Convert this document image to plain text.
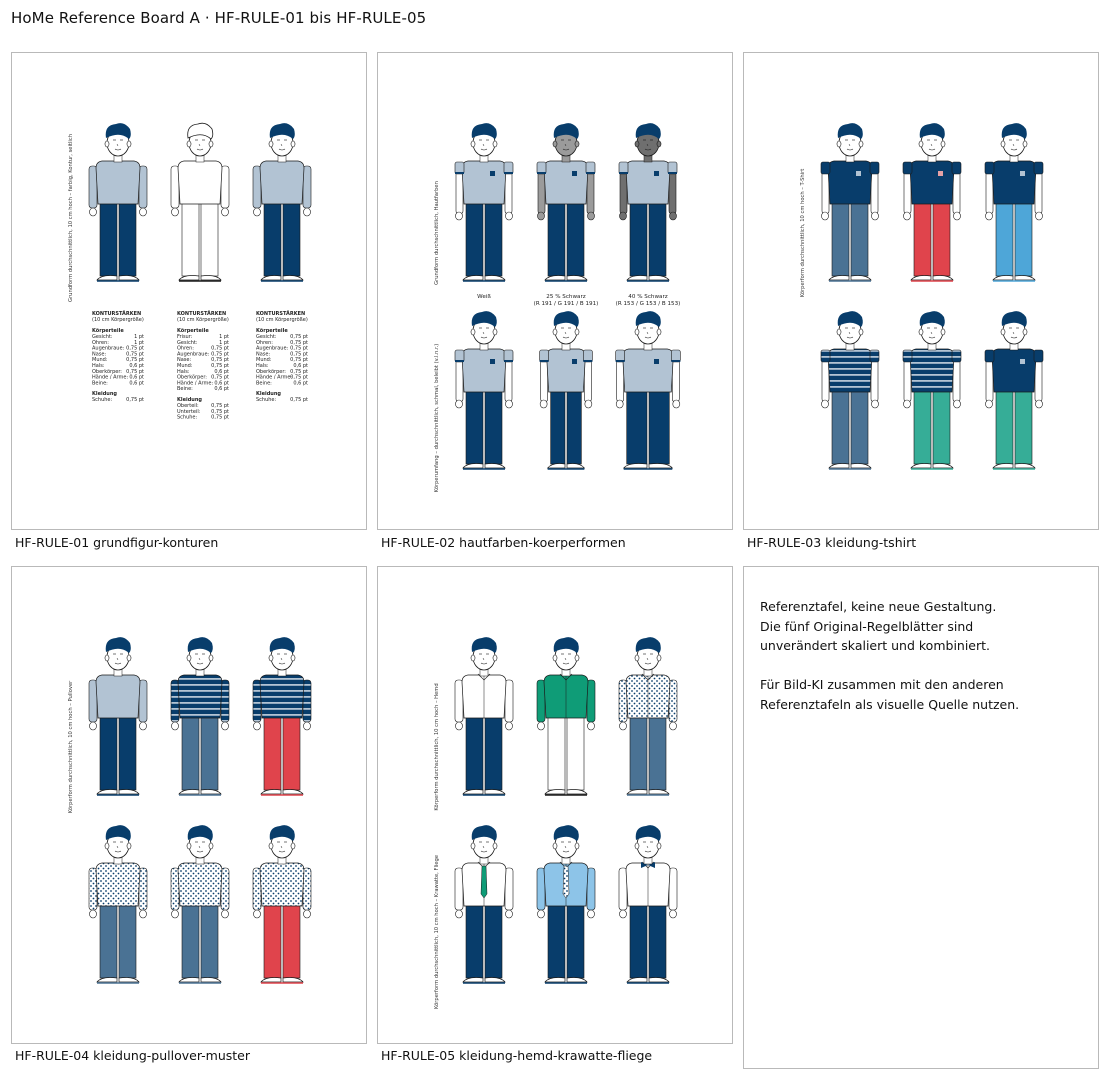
HoMe Reference Board A · HF-RULE-01 bis HF-RULE-05
Grundform durchschnittlich, 10 cm hoch – farbig, Kontur, seitlich
KONTURSTÄRKEN
(10 cm Körpergröße)
Körperteile
Gesicht:	1 pt
Ohren:	1 pt
Augenbraue: 0,75 pt
Nase:	0,75 pt
Mund:	0,75 pt
Hals:	0,6 pt
Oberkörper: 0,75 pt
Hände / Arme: 0,6 pt
Beine:	0,6 pt
Kleidung
Schuhe:	0,75 pt
KONTURSTÄRKEN
(10 cm Körpergröße)
Körperteile
Frisur:	1 pt
Gesicht:	1 pt
Ohren:	0,75 pt
Augenbraue: 0,75 pt
Nase:	0,75 pt
Mund:	0,75 pt
Hals:	0,6 pt
Oberkörper: 0,75 pt
Hände / Arme: 0,6 pt
Beine:	0,6 pt
Kleidung
Oberteil: 0,75 pt
Unterteil: 0,75 pt
Schuhe:	0,75 pt
KONTURSTÄRKEN
(10 cm Körpergröße)
Körperteile
Gesicht:	0,75 pt
Ohren:	0,75 pt
Augenbraue: 0,75 pt
Nase:	0,75 pt
Mund:	0,75 pt
Hals:	0,6 pt
Oberkörper: 0,75 pt
Hände / Arme:
0,75 pt
Beine:	0,6 pt
Kleidung
Schuhe:	0,75 pt
HF-RULE-01 grundfigur-konturen
Grundform durchschnittlich, Hautfarben
Körperumfang – durchschnittlich, schmal, beleibt (v.l.n.r.)
Weiß	25 % Schwarz
(R 191 / G 191 / B 191)
40 % Schwarz
(R 153 / G 153 / B 153)
HF-RULE-02 hautfarben-koerperformen
Körperform durchschnittlich, 10 cm hoch – T-Shirt
HF-RULE-03 kleidung-tshirt
Körperform durchschnittlich, 10 cm hoch – Pullover
HF-RULE-04 kleidung-pullover-muster
Körperform durchschnittlich, 10 cm hoch – Hemd
Körperform durchschnittlich, 10 cm hoch – Krawatte, Fliege
HF-RULE-05 kleidung-hemd-krawatte-fliege

Referenztafel, keine neue Gestaltung.

Die fünf Original-Regelblätter sind

unverändert skaliert und kombiniert.

Für Bild-KI zusammen mit den anderen

Referenztafeln als visuelle Quelle nutzen.
